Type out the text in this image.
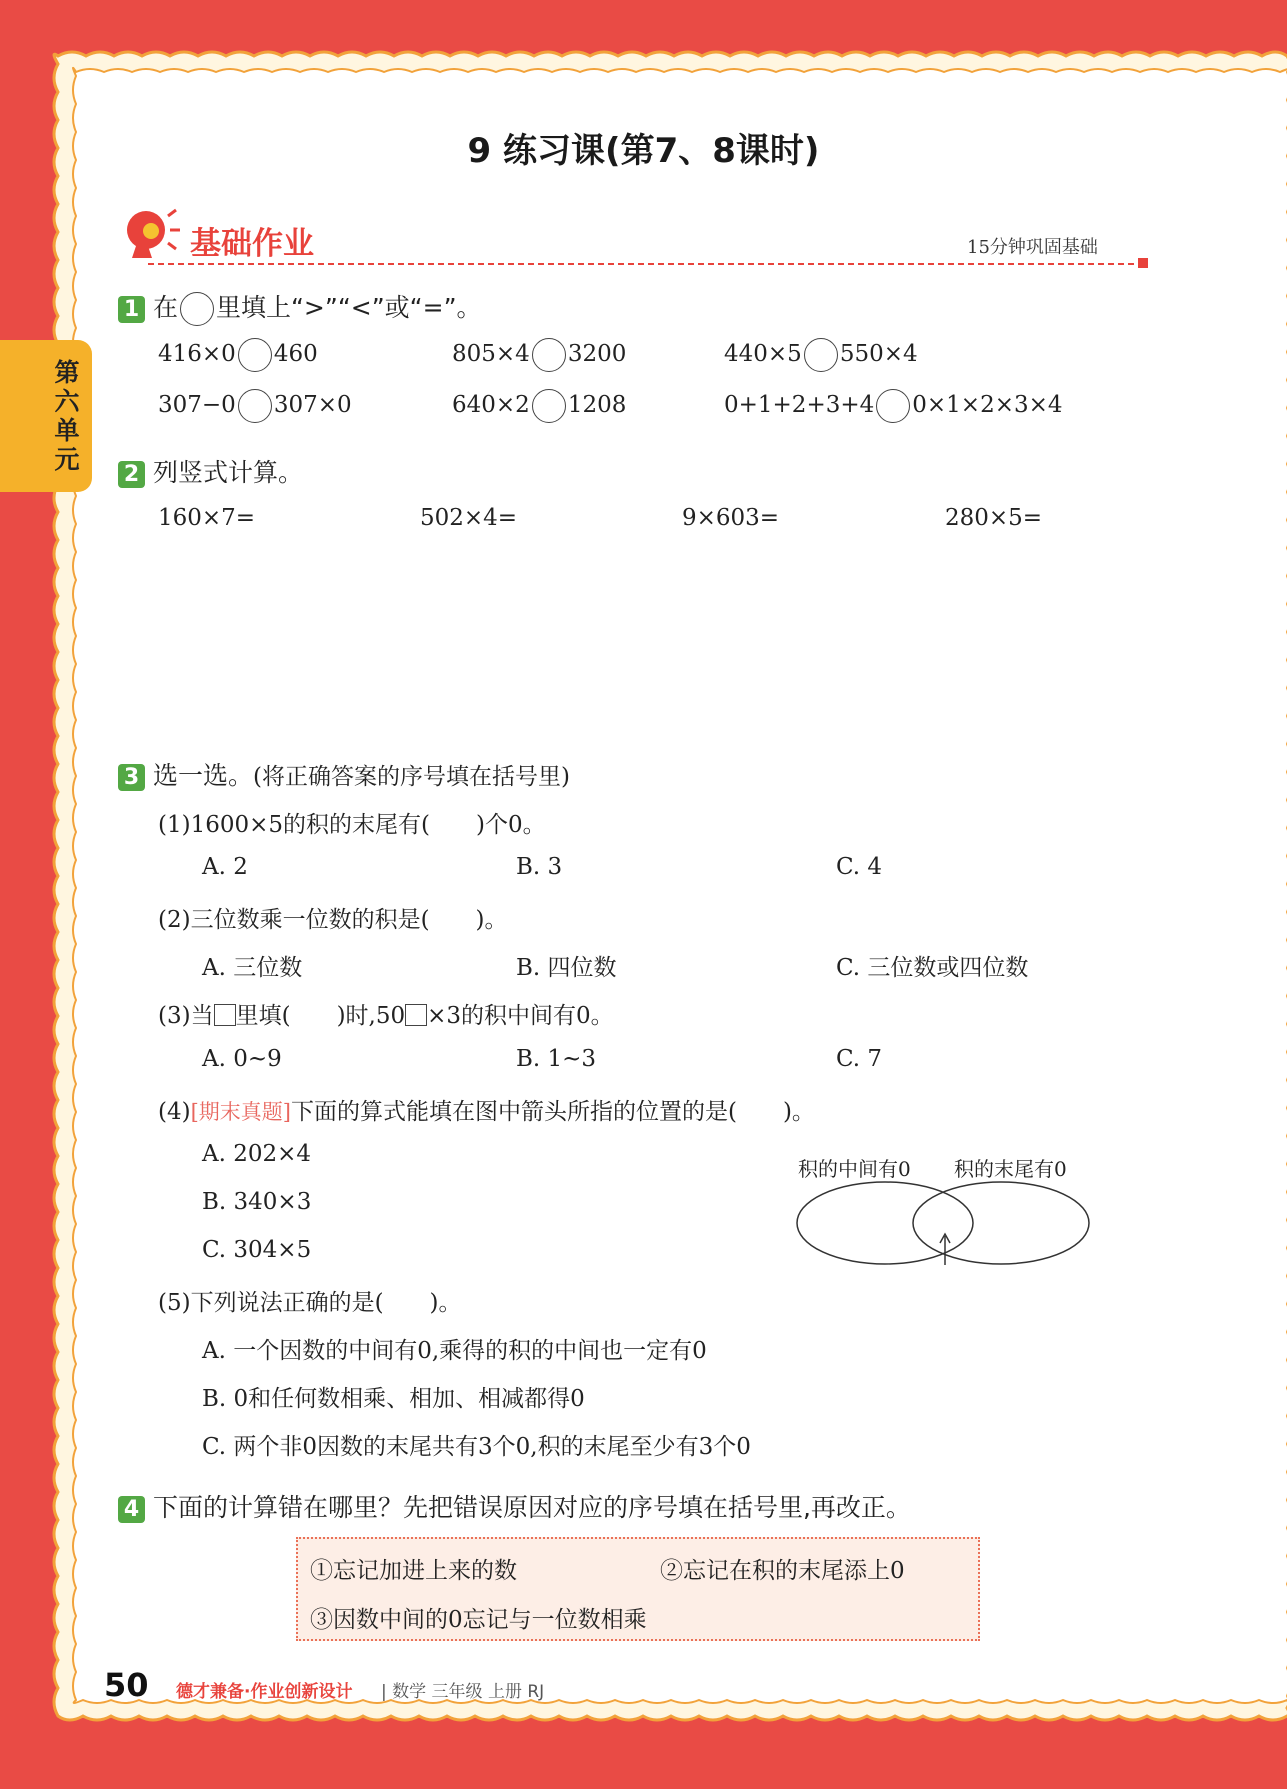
第六单元
9 练习课(第7、8课时)
基础作业	15分钟巩固基础
1 在 里填上“>”“<”或“=”。
416×0 460	805×4 3200	440×5 550×4
307−0 307×0	640×2 1208	0+1+2+3+4 0×1×2×3×4
2 列竖式计算。
160×7=	502×4=	9×603=	280×5=
3 选一选。(将正确答案的序号填在括号里)
(1)1600×5的积的末尾有(　　)个0。
A. 2	B. 3	C. 4
(2)三位数乘一位数的积是(　　)。
A. 三位数	B. 四位数	C. 三位数或四位数
(3)当 里填(　　)时,50 ×3的积中间有0。
A. 0~9	B. 1~3	C. 7
(4)[期末真题]下面的算式能填在图中箭头所指的位置的是(　　)。
A. 202×4
B. 340×3
C. 304×5
积的中间有0 积的末尾有0
(5)下列说法正确的是(　　)。
A. 一个因数的中间有0,乘得的积的中间也一定有0
B. 0和任何数相乘、相加、相减都得0
C. 两个非0因数的末尾共有3个0,积的末尾至少有3个0
4 下面的计算错在哪里？先把错误原因对应的序号填在括号里,再改正。
①忘记加进上来的数	②忘记在积的末尾添上0
③因数中间的0忘记与一位数相乘
50 德才兼备·作业创新设计 | 数学 三年级 上册 RJ
